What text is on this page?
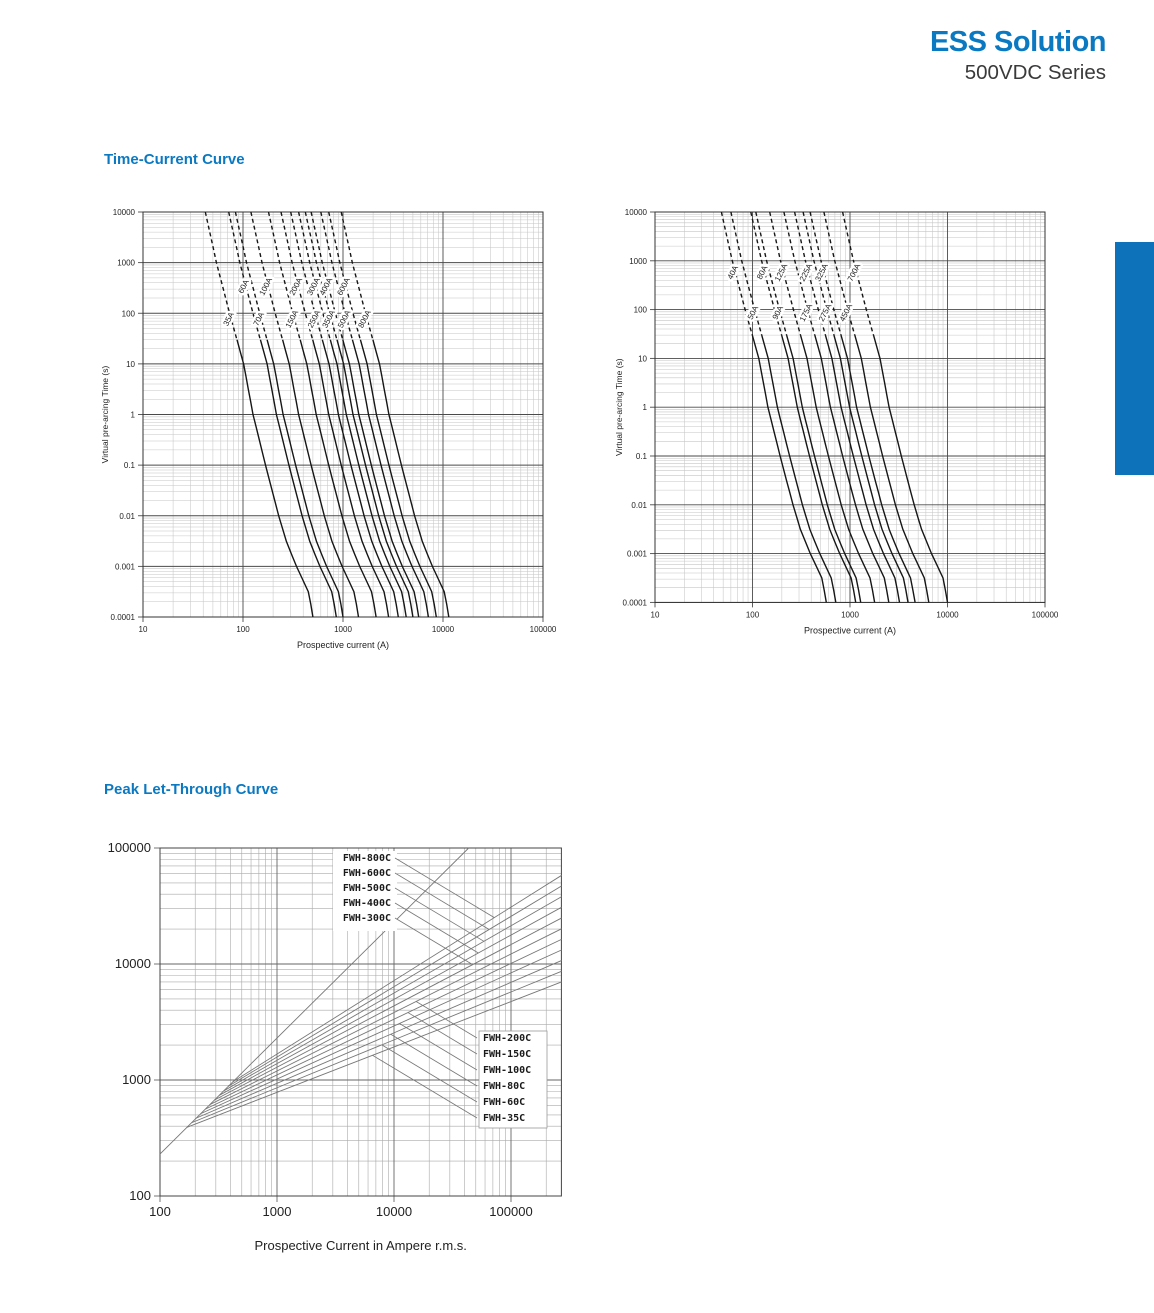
ESS Solution
500VDC Series
Time-Current Curve
10	100	1000	10000	100000
10000
1000
100
10
1
0.1
0.01
0.001
0.0001
35A
60A
70A
100A
150A
200A
250A
300A
350A
400A
500A
600A
800A
Prospective current (A)
Virtual pre-arcing Time (s)
10	100	1000	10000	100000
10000
1000
100
10
1
0.1
0.01
0.001
0.0001
40A
50A
80A
90A
125A
175A
225A
275A
325A
450A
700A
Prospective current (A)
Virtual pre-arcing Time (s)
Peak Let-Through Curve
100	1000	10000	100000
100000
10000
1000
100
FWH-800C
FWH-600C
FWH-500C
FWH-400C
FWH-300C
FWH-200C
FWH-150C
FWH-100C
FWH-80C
FWH-60C
FWH-35C
Prospective Current in Ampere r.m.s.
